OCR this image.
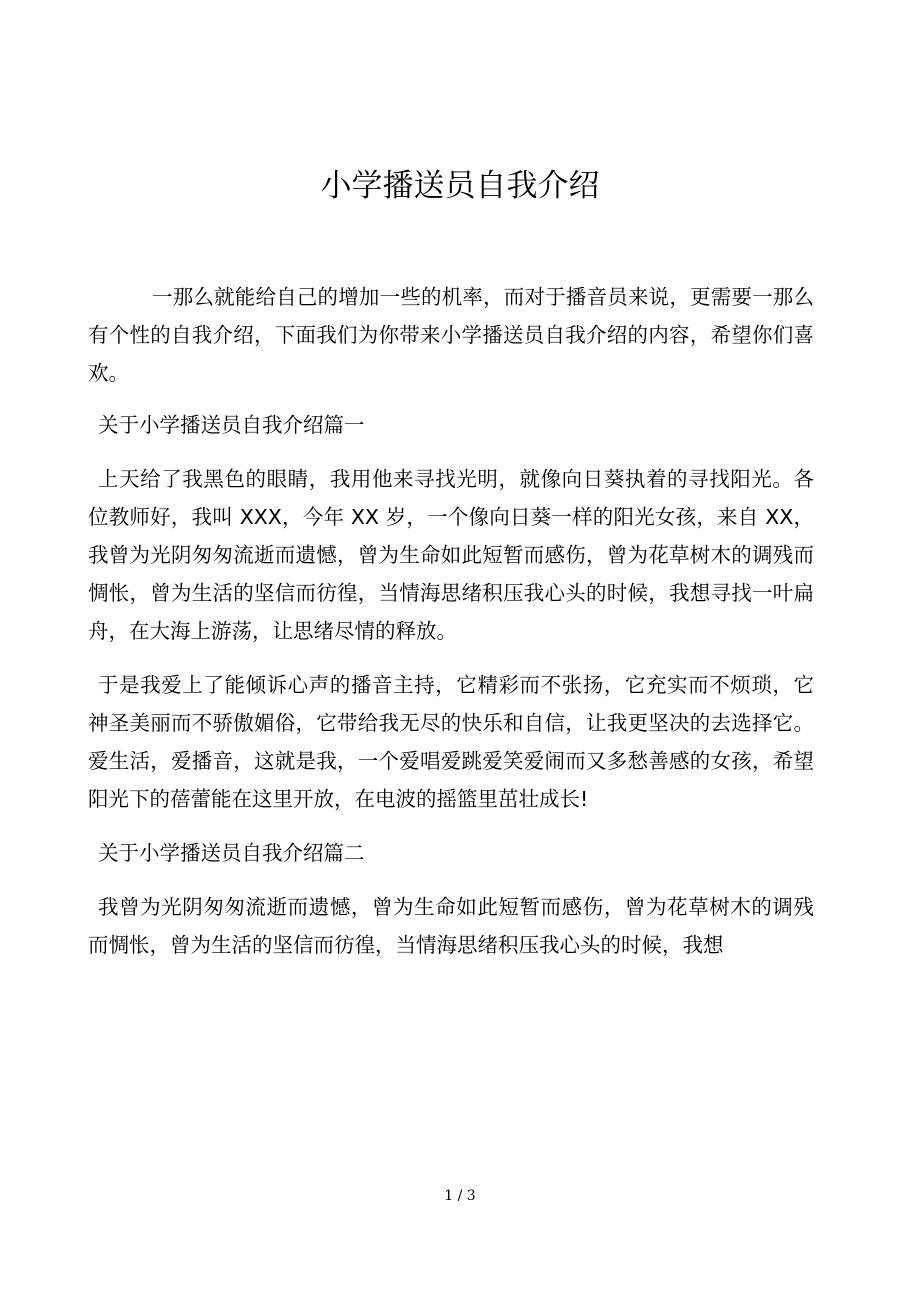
小学播送员自我介绍

一那么就能给自己的增加一些的机率，而对于播音员来说，更需要一那么有个性的自我介绍，下面我们为你带来小学播送员自我介绍的内容，希望你们喜欢。

关于小学播送员自我介绍篇一

上天给了我黑色的眼睛，我用他来寻找光明，就像向日葵执着的寻找阳光。各位教师好，我叫 XXX，今年 XX 岁，一个像向日葵一样的阳光女孩，来自 XX，我曾为光阴匆匆流逝而遗憾，曾为生命如此短暂而感伤，曾为花草树木的调残而惆怅，曾为生活的坚信而彷徨，当情海思绪积压我心头的时候，我想寻找一叶扁舟，在大海上游荡，让思绪尽情的释放。

于是我爱上了能倾诉心声的播音主持，它精彩而不张扬，它充实而不烦琐，它神圣美丽而不骄傲媚俗，它带给我无尽的快乐和自信，让我更坚决的去选择它。爱生活，爱播音，这就是我，一个爱唱爱跳爱笑爱闹而又多愁善感的女孩，希望阳光下的蓓蕾能在这里开放，在电波的摇篮里茁壮成长!

关于小学播送员自我介绍篇二

我曾为光阴匆匆流逝而遗憾，曾为生命如此短暂而感伤，曾为花草树木的调残而惆怅，曾为生活的坚信而彷徨，当情海思绪积压我心头的时候，我想

1 / 3
